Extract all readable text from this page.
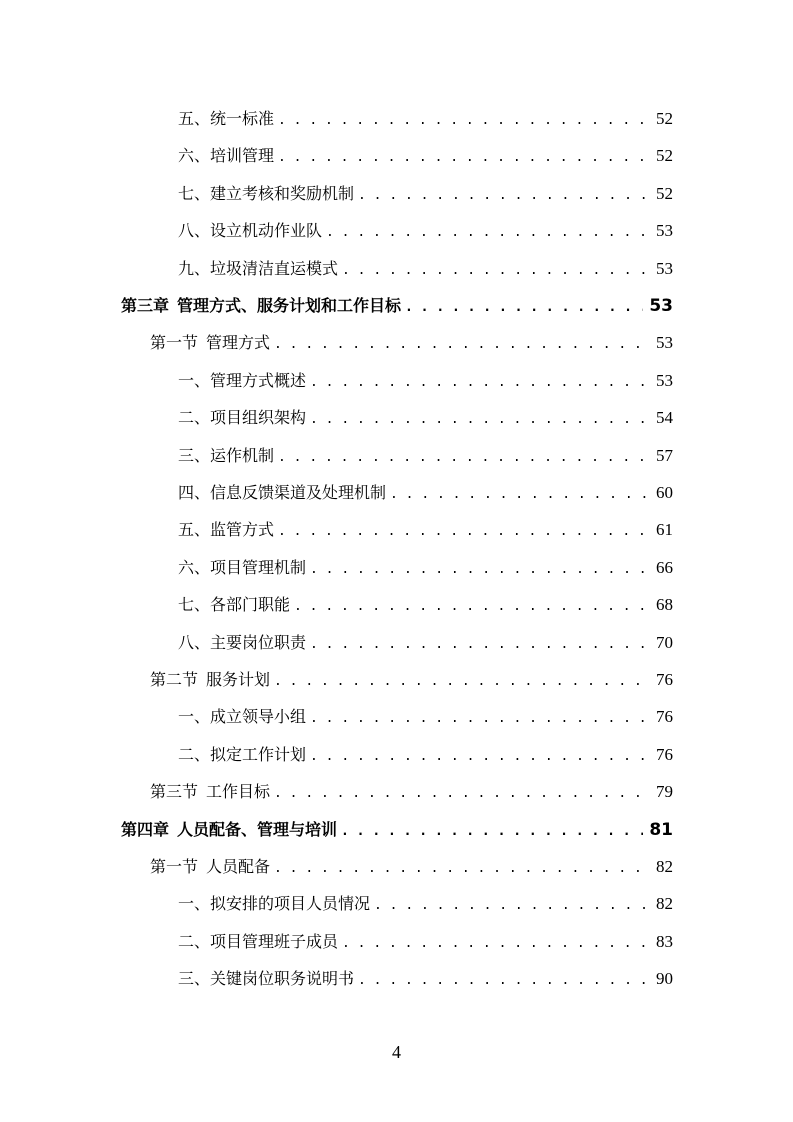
五、统一标准 . . .	52
六、培训管理 . . .	52
七、建立考核和奖励机制 . . .	52
八、设立机动作业队 . . .	53
九、垃圾清洁直运模式 . . .	53
第三章 管理方式、服务计划和工作目标 . . .	53
第一节 管理方式 . . .	53
一、管理方式概述 . . .	53
二、项目组织架构 . . .	54
三、运作机制 . . .	57
四、信息反馈渠道及处理机制 . . .	60
五、监管方式 . . .	61
六、项目管理机制 . . .	66
七、各部门职能 . . .	68
八、主要岗位职责 . . .	70
第二节 服务计划 . . .	76
一、成立领导小组 . . .	76
二、拟定工作计划 . . .	76
第三节 工作目标 . . .	79
第四章 人员配备、管理与培训 . . .	81
第一节 人员配备 . . .	82
一、拟安排的项目人员情况 . . .	82
二、项目管理班子成员 . . .	83
三、关键岗位职务说明书 . . .	90
4
